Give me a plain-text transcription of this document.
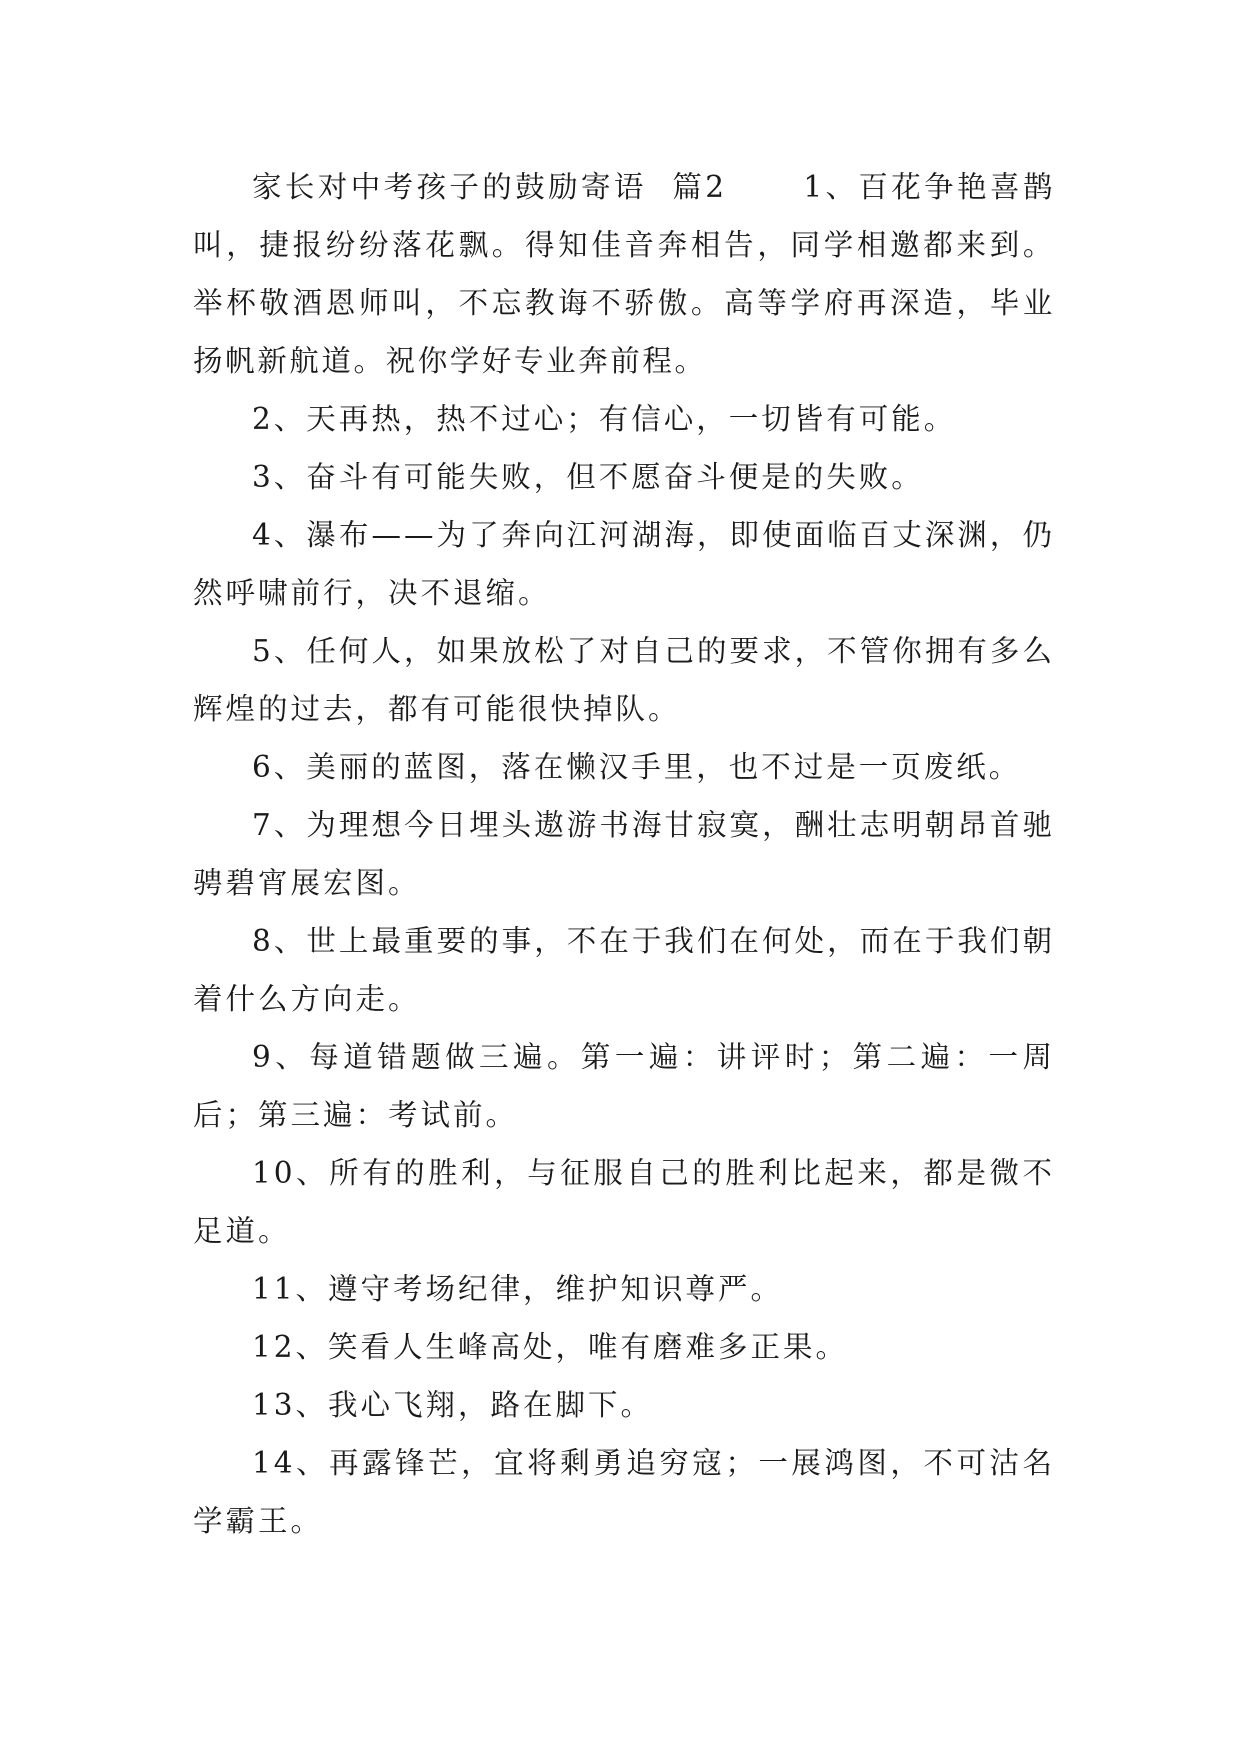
家长对中考孩子的鼓励寄语  篇2	1、百花争艳喜鹊叫，捷报纷纷落花飘。得知佳音奔相告，同学相邀都来到。举杯敬酒恩师叫，不忘教诲不骄傲。高等学府再深造，毕业扬帆新航道。祝你学好专业奔前程。

2、天再热，热不过心；有信心，一切皆有可能。

3、奋斗有可能失败，但不愿奋斗便是的失败。

4、瀑布——为了奔向江河湖海，即使面临百丈深渊，仍然呼啸前行，决不退缩。

5、任何人，如果放松了对自己的要求，不管你拥有多么辉煌的过去，都有可能很快掉队。

6、美丽的蓝图，落在懒汉手里，也不过是一页废纸。

7、为理想今日埋头遨游书海甘寂寞，酬壮志明朝昂首驰骋碧宵展宏图。

8、世上最重要的事，不在于我们在何处，而在于我们朝着什么方向走。

9、每道错题做三遍。第一遍：讲评时；第二遍：一周后；第三遍：考试前。

10、所有的胜利，与征服自己的胜利比起来，都是微不足道。

11、遵守考场纪律，维护知识尊严。

12、笑看人生峰高处，唯有磨难多正果。

13、我心飞翔，路在脚下。

14、再露锋芒，宜将剩勇追穷寇；一展鸿图，不可沽名学霸王。
